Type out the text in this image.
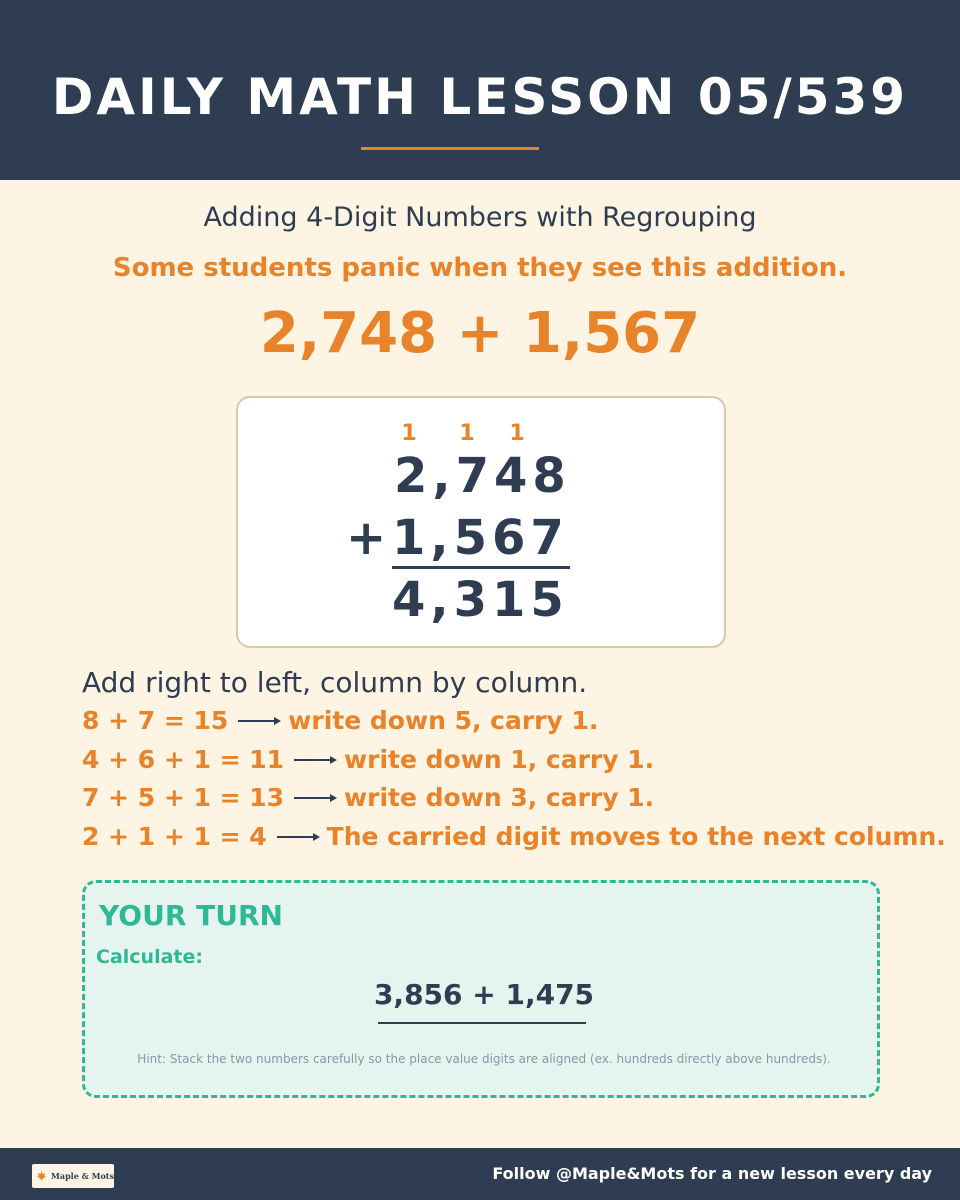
DAILY MATH LESSON 05/539
Adding 4-Digit Numbers with Regrouping
Some students panic when they see this addition.
2,748 + 1,567
1	1	1
2,748
+ 1,567
4,315
Add right to left, column by column.
8 + 7 = 15 write down 5, carry 1.
4 + 6 + 1 = 11 write down 1, carry 1.
7 + 5 + 1 = 13 write down 3, carry 1.
2 + 1 + 1 = 4 The carried digit moves to the next column.
YOUR TURN
Calculate:
3,856 + 1,475
Hint: Stack the two numbers carefully so the place value digits are aligned (ex. hundreds directly above hundreds).
Maple & Mots	Follow @Maple&Mots for a new lesson every day
